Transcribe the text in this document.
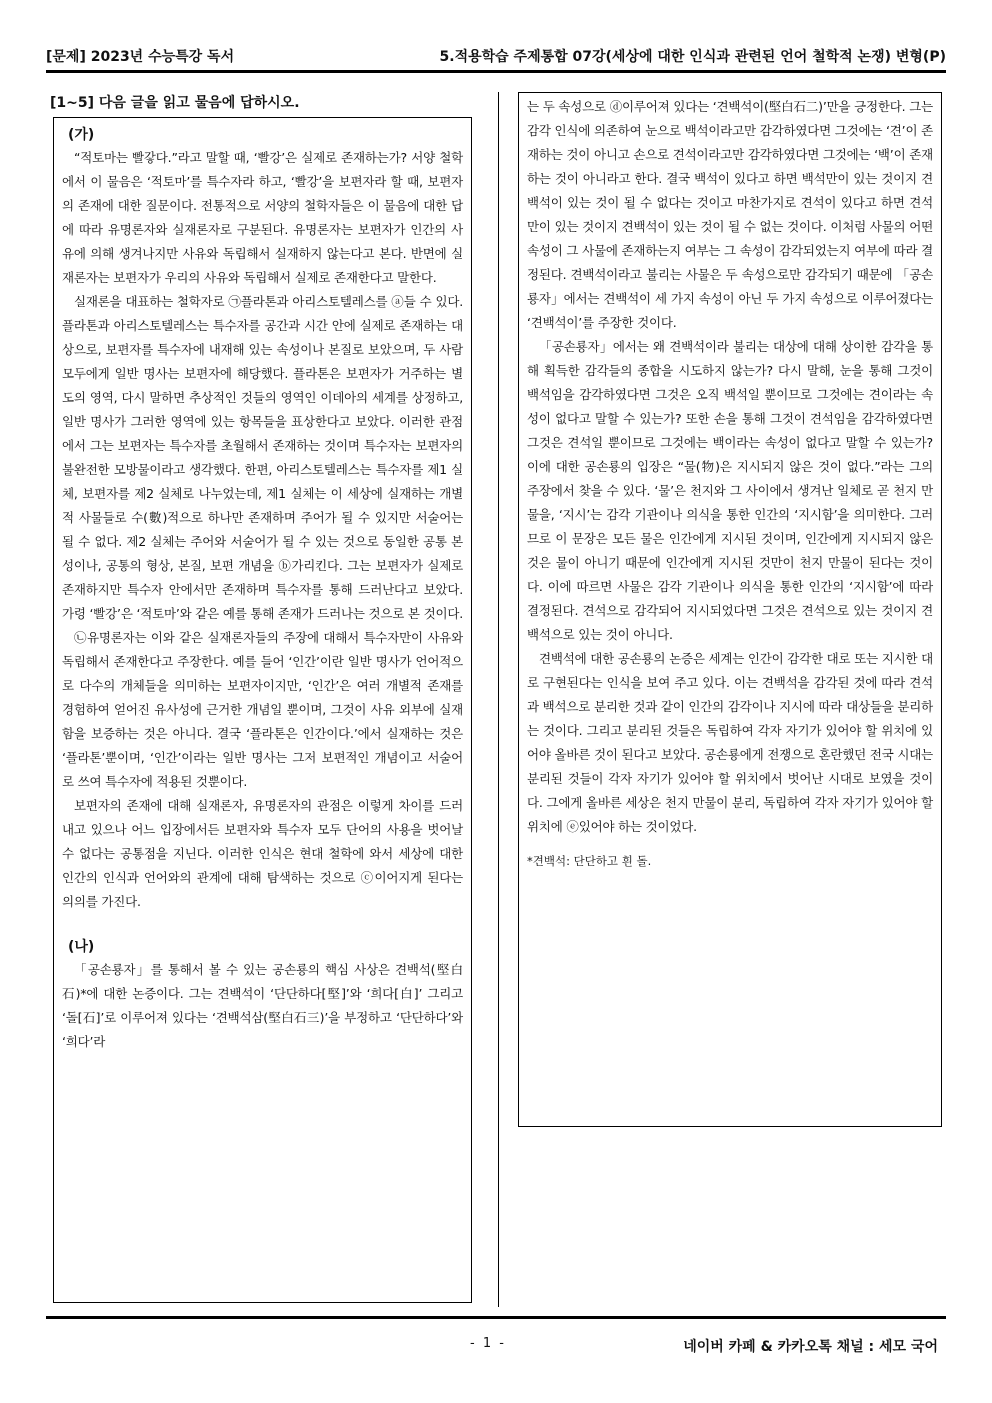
[문제] 2023년 수능특강 독서	5.적용학습 주제통합 07강(세상에 대한 인식과 관련된 언어 철학적 논쟁) 변형(P)
[1~5] 다음 글을 읽고 물음에 답하시오.
(가)

“적토마는 빨갛다.”라고 말할 때, ‘빨강’은 실제로 존재하는가? 서양 철학에서 이 물음은 ‘적토마’를 특수자라 하고, ‘빨강’을 보편자라 할 때, 보편자의 존재에 대한 질문이다. 전통적으로 서양의 철학자들은 이 물음에 대한 답에 따라 유명론자와 실재론자로 구분된다. 유명론자는 보편자가 인간의 사유에 의해 생겨나지만 사유와 독립해서 실재하지 않는다고 본다. 반면에 실재론자는 보편자가 우리의 사유와 독립해서 실제로 존재한다고 말한다.

실재론을 대표하는 철학자로 ㉠플라톤과 아리스토텔레스를 ⓐ들 수 있다. 플라톤과 아리스토텔레스는 특수자를 공간과 시간 안에 실제로 존재하는 대상으로, 보편자를 특수자에 내재해 있는 속성이나 본질로 보았으며, 두 사람 모두에게 일반 명사는 보편자에 해당했다. 플라톤은 보편자가 거주하는 별도의 영역, 다시 말하면 추상적인 것들의 영역인 이데아의 세계를 상정하고, 일반 명사가 그러한 영역에 있는 항목들을 표상한다고 보았다. 이러한 관점에서 그는 보편자는 특수자를 초월해서 존재하는 것이며 특수자는 보편자의 불완전한 모방물이라고 생각했다. 한편, 아리스토텔레스는 특수자를 제1 실체, 보편자를 제2 실체로 나누었는데, 제1 실체는 이 세상에 실재하는 개별적 사물들로 수(數)적으로 하나만 존재하며 주어가 될 수 있지만 서술어는 될 수 없다. 제2 실체는 주어와 서술어가 될 수 있는 것으로 동일한 공통 본성이나, 공통의 형상, 본질, 보편 개념을 ⓑ가리킨다. 그는 보편자가 실제로 존재하지만 특수자 안에서만 존재하며 특수자를 통해 드러난다고 보았다. 가령 ‘빨강’은 ‘적토마’와 같은 예를 통해 존재가 드러나는 것으로 본 것이다.

㉡유명론자는 이와 같은 실재론자들의 주장에 대해서 특수자만이 사유와 독립해서 존재한다고 주장한다. 예를 들어 ‘인간’이란 일반 명사가 언어적으로 다수의 개체들을 의미하는 보편자이지만, ‘인간’은 여러 개별적 존재를 경험하여 얻어진 유사성에 근거한 개념일 뿐이며, 그것이 사유 외부에 실재함을 보증하는 것은 아니다. 결국 ‘플라톤은 인간이다.’에서 실재하는 것은 ‘플라톤’뿐이며, ‘인간’이라는 일반 명사는 그저 보편적인 개념이고 서술어로 쓰여 특수자에 적용된 것뿐이다.

보편자의 존재에 대해 실재론자, 유명론자의 관점은 이렇게 차이를 드러내고 있으나 어느 입장에서든 보편자와 특수자 모두 단어의 사용을 벗어날 수 없다는 공통점을 지닌다. 이러한 인식은 현대 철학에 와서 세상에 대한 인간의 인식과 언어와의 관계에 대해 탐색하는 것으로 ⓒ이어지게 된다는 의의를 가진다.

(나)

「공손룡자」를 통해서 볼 수 있는 공손룡의 핵심 사상은 견백석(堅白石)*에 대한 논증이다. 그는 견백석이 ‘단단하다[堅]’와 ‘희다[白]’ 그리고 ‘돌[石]’로 이루어져 있다는 ‘견백석삼(堅白石三)’을 부정하고 ‘단단하다’와 ‘희다’라

는 두 속성으로 ⓓ이루어져 있다는 ‘견백석이(堅白石二)’만을 긍정한다. 그는 감각 인식에 의존하여 눈으로 백석이라고만 감각하였다면 그것에는 ‘견’이 존재하는 것이 아니고 손으로 견석이라고만 감각하였다면 그것에는 ‘백’이 존재하는 것이 아니라고 한다. 결국 백석이 있다고 하면 백석만이 있는 것이지 견백석이 있는 것이 될 수 없다는 것이고 마찬가지로 견석이 있다고 하면 견석만이 있는 것이지 견백석이 있는 것이 될 수 없는 것이다. 이처럼 사물의 어떤 속성이 그 사물에 존재하는지 여부는 그 속성이 감각되었는지 여부에 따라 결정된다. 견백석이라고 불리는 사물은 두 속성으로만 감각되기 때문에 「공손룡자」에서는 견백석이 세 가지 속성이 아닌 두 가지 속성으로 이루어졌다는 ‘견백석이’를 주장한 것이다.

「공손룡자」에서는 왜 견백석이라 불리는 대상에 대해 상이한 감각을 통해 획득한 감각들의 종합을 시도하지 않는가? 다시 말해, 눈을 통해 그것이 백석임을 감각하였다면 그것은 오직 백석일 뿐이므로 그것에는 견이라는 속성이 없다고 말할 수 있는가? 또한 손을 통해 그것이 견석임을 감각하였다면 그것은 견석일 뿐이므로 그것에는 백이라는 속성이 없다고 말할 수 있는가? 이에 대한 공손룡의 입장은 “물(物)은 지시되지 않은 것이 없다.”라는 그의 주장에서 찾을 수 있다. ‘물’은 천지와 그 사이에서 생겨난 일체로 곧 천지 만물을, ‘지시’는 감각 기관이나 의식을 통한 인간의 ‘지시함’을 의미한다. 그러므로 이 문장은 모든 물은 인간에게 지시된 것이며, 인간에게 지시되지 않은 것은 물이 아니기 때문에 인간에게 지시된 것만이 천지 만물이 된다는 것이다. 이에 따르면 사물은 감각 기관이나 의식을 통한 인간의 ‘지시함’에 따라 결정된다. 견석으로 감각되어 지시되었다면 그것은 견석으로 있는 것이지 견백석으로 있는 것이 아니다.

견백석에 대한 공손룡의 논증은 세계는 인간이 감각한 대로 또는 지시한 대로 구현된다는 인식을 보여 주고 있다. 이는 견백석을 감각된 것에 따라 견석과 백석으로 분리한 것과 같이 인간의 감각이나 지시에 따라 대상들을 분리하는 것이다. 그리고 분리된 것들은 독립하여 각자 자기가 있어야 할 위치에 있어야 올바른 것이 된다고 보았다. 공손룡에게 전쟁으로 혼란했던 전국 시대는 분리된 것들이 각자 자기가 있어야 할 위치에서 벗어난 시대로 보였을 것이다. 그에게 올바른 세상은 천지 만물이 분리, 독립하여 각자 자기가 있어야 할 위치에 ⓔ있어야 하는 것이었다.

*견백석: 단단하고 흰 돌.
- 1 -	네이버 카페 & 카카오톡 채널 : 세모 국어
